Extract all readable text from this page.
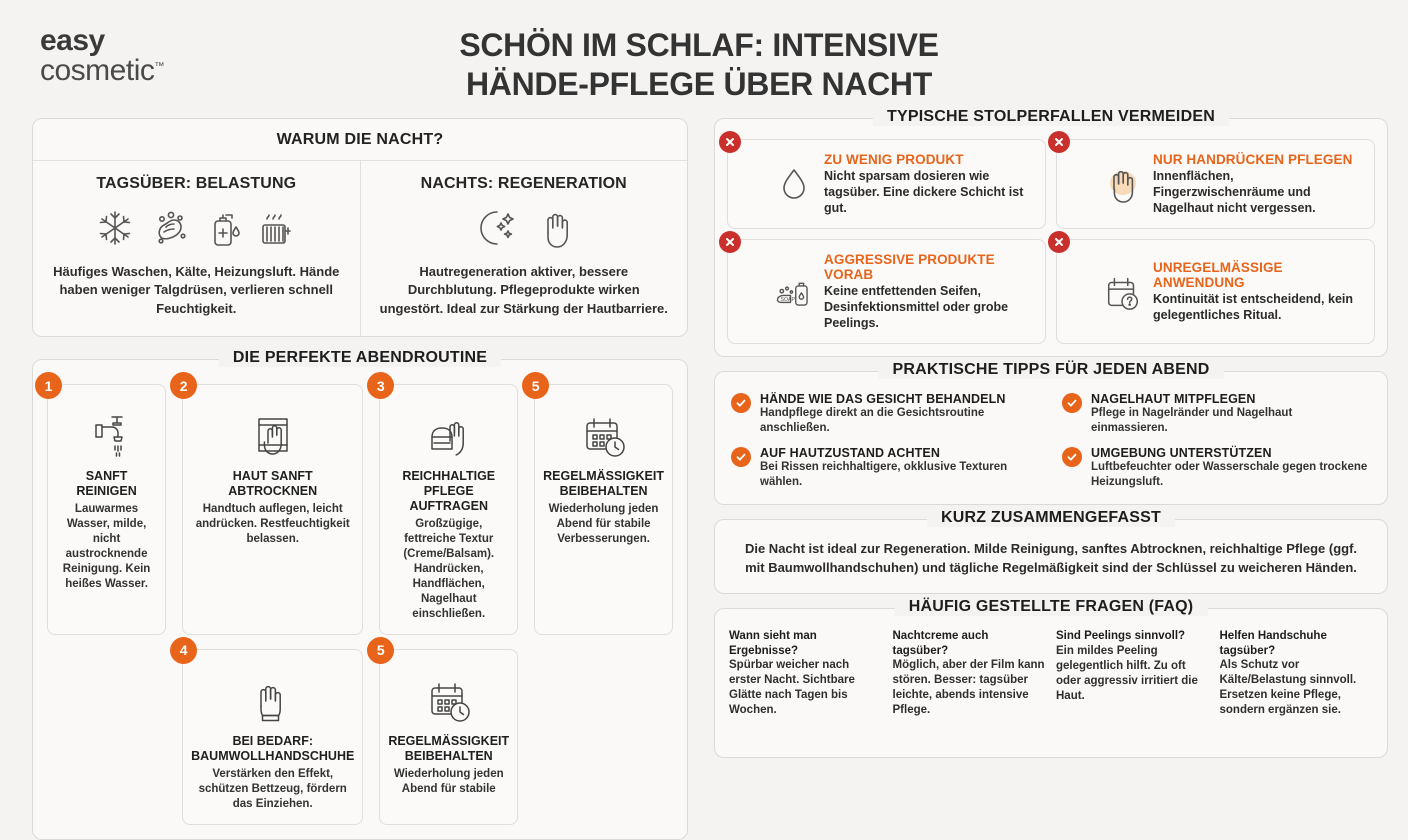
easy
cosmetic™
SCHÖN IM SCHLAF: INTENSIVE
HÄNDE-PFLEGE ÜBER NACHT
WARUM DIE NACHT?
TAGSÜBER: BELASTUNG
Häufiges Waschen, Kälte, Heizungsluft. Hände haben weniger Talgdrüsen, verlieren schnell Feuchtigkeit.
NACHTS: REGENERATION
Hautregeneration aktiver, bessere Durchblutung. Pflegeprodukte wirken ungestört. Ideal zur Stärkung der Hautbarriere.
DIE PERFEKTE ABENDROUTINE
1
SANFT REINIGEN
Lauwarmes Wasser, milde, nicht austrocknende Reinigung. Kein heißes Wasser.
2
HAUT SANFT ABTROCKNEN
Handtuch auflegen, leicht andrücken. Restfeuchtigkeit belassen.
3
REICHHALTIGE PFLEGE AUFTRAGEN
Großzügige, fettreiche Textur (Creme/Balsam). Handrücken, Handflächen, Nagelhaut einschließen.
5
REGELMÄSSIGKEIT BEIBEHALTEN
Wiederholung jeden Abend für stabile Verbesserungen.
4
BEI BEDARF: BAUMWOLLHANDSCHUHE
Verstärken den Effekt, schützen Bettzeug, fördern das Einziehen.
5
REGELMÄSSIGKEIT BEIBEHALTEN
Wiederholung jeden Abend für stabile
TYPISCHE STOLPERFALLEN VERMEIDEN
ZU WENIG PRODUKT
Nicht sparsam dosieren wie tagsüber. Eine dickere Schicht ist gut.
NUR HANDRÜCKEN PFLEGEN
Innenflächen, Fingerzwischenräume und Nagelhaut nicht vergessen.
SOAP
AGGRESSIVE PRODUKTE VORAB
Keine entfettenden Seifen, Desinfektionsmittel oder grobe Peelings.
UNREGELMÄSSIGE ANWENDUNG
Kontinuität ist entscheidend, kein gelegentliches Ritual.
PRAKTISCHE TIPPS FÜR JEDEN ABEND
HÄNDE WIE DAS GESICHT BEHANDELN
Handpflege direkt an die Gesichtsroutine anschließen.
NAGELHAUT MITPFLEGEN
Pflege in Nagelränder und Nagelhaut einmassieren.
AUF HAUTZUSTAND ACHTEN
Bei Rissen reichhaltigere, okklusive Texturen wählen.
UMGEBUNG UNTERSTÜTZEN
Luftbefeuchter oder Wasserschale gegen trockene Heizungsluft.
KURZ ZUSAMMENGEFASST
Die Nacht ist ideal zur Regeneration. Milde Reinigung, sanftes Abtrocknen, reichhaltige Pflege (ggf. mit Baumwollhandschuhen) und tägliche Regelmäßigkeit sind der Schlüssel zu weicheren Händen.
HÄUFIG GESTELLTE FRAGEN (FAQ)
Wann sieht man Ergebnisse?
Spürbar weicher nach erster Nacht. Sichtbare Glätte nach Tagen bis Wochen.
Nachtcreme auch tagsüber?
Möglich, aber der Film kann stören. Besser: tagsüber leichte, abends intensive Pflege.
Sind Peelings sinnvoll?
Ein mildes Peeling gelegentlich hilft. Zu oft oder aggressiv irritiert die Haut.
Helfen Handschuhe tagsüber?
Als Schutz vor Kälte/Belastung sinnvoll. Ersetzen keine Pflege, sondern ergänzen sie.
